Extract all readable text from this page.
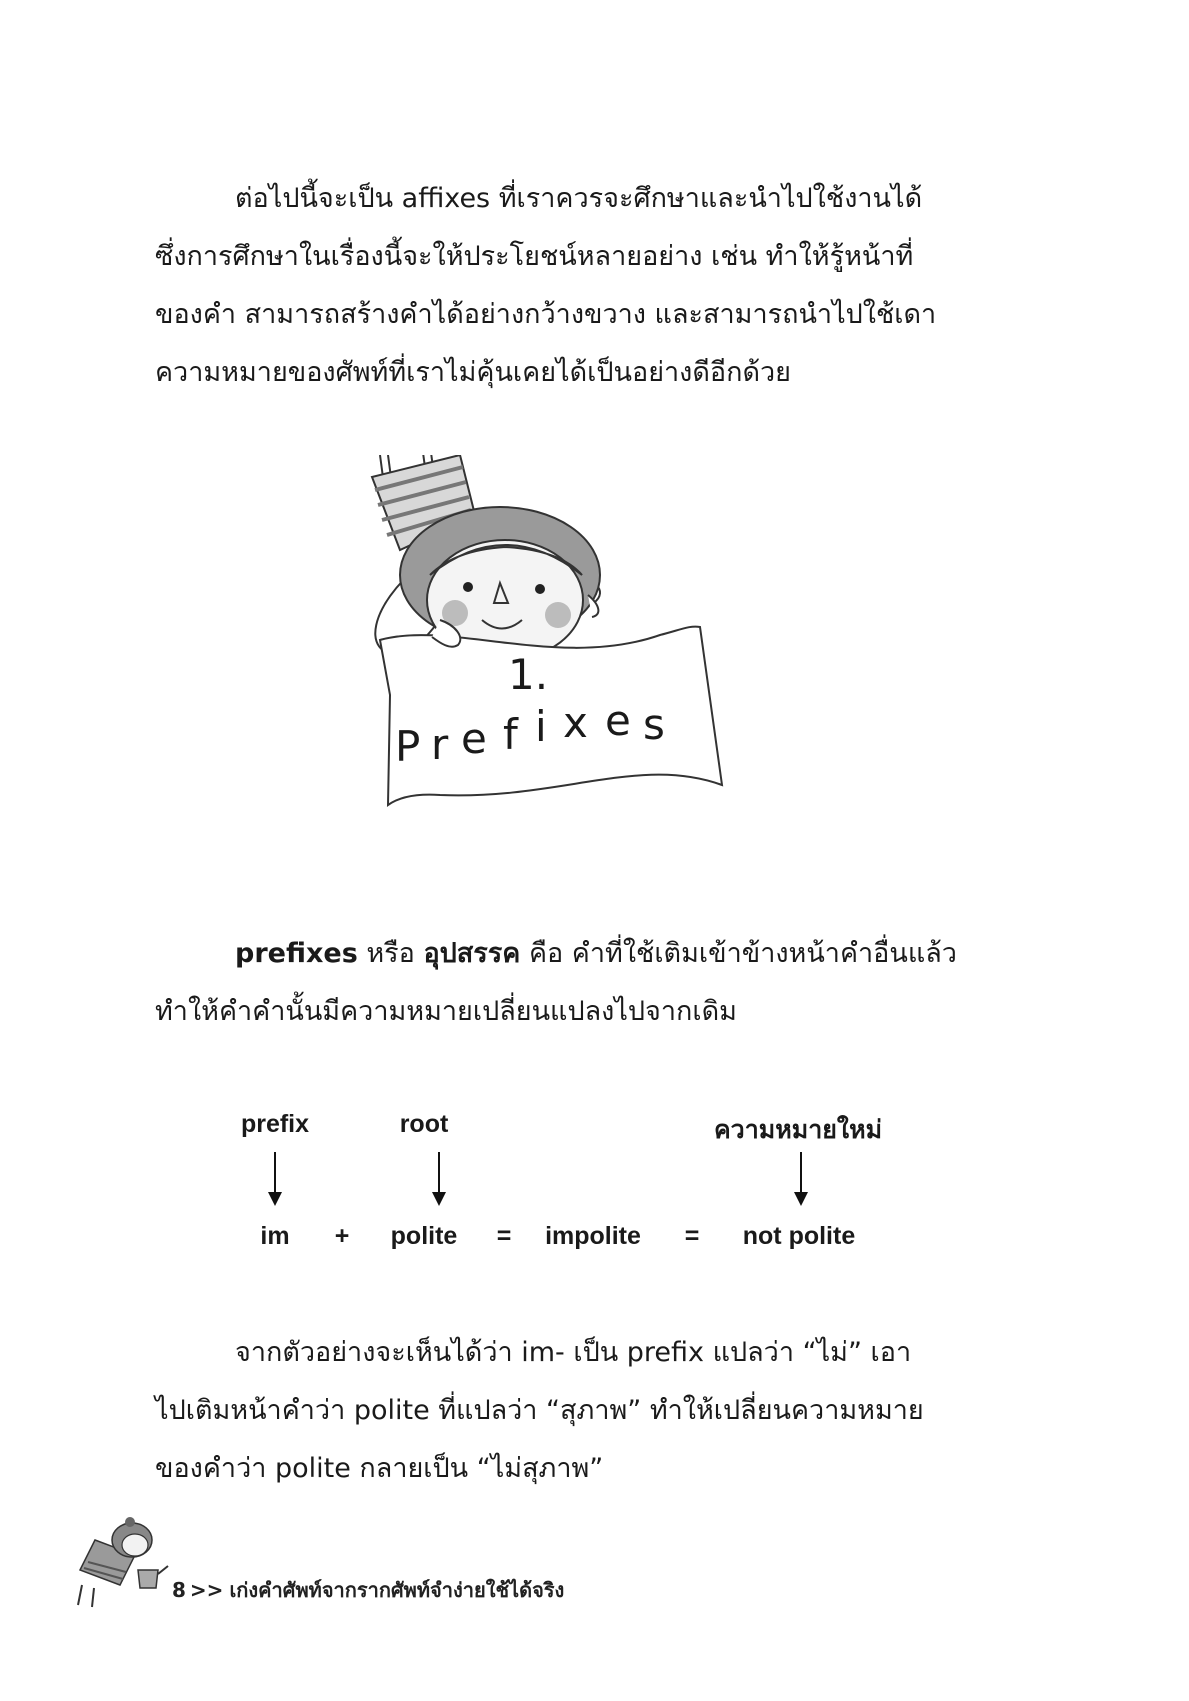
ต่อไปนี้จะเป็น affixes ที่เราควรจะศึกษาและนำไปใช้งานได้
ซึ่งการศึกษาในเรื่องนี้จะให้ประโยชน์หลายอย่าง เช่น ทำให้รู้หน้าที่
ของคำ สามารถสร้างคำได้อย่างกว้างขวาง และสามารถนำไปใช้เดา
ความหมายของศัพท์ที่เราไม่คุ้นเคยได้เป็นอย่างดีอีกด้วย
1.
P r e f i x e s
prefixes หรือ อุปสรรค คือ คำที่ใช้เติมเข้าข้างหน้าคำอื่นแล้ว
ทำให้คำคำนั้นมีความหมายเปลี่ยนแปลงไปจากเดิม
prefix	root	ความหมายใหม่
im + polite = impolite = not polite
จากตัวอย่างจะเห็นได้ว่า im- เป็น prefix แปลว่า “ไม่” เอา
ไปเติมหน้าคำว่า polite ที่แปลว่า “สุภาพ” ทำให้เปลี่ยนความหมาย
ของคำว่า polite กลายเป็น “ไม่สุภาพ”
8 >> เก่งคำศัพท์จากรากศัพท์จำง่ายใช้ได้จริง
